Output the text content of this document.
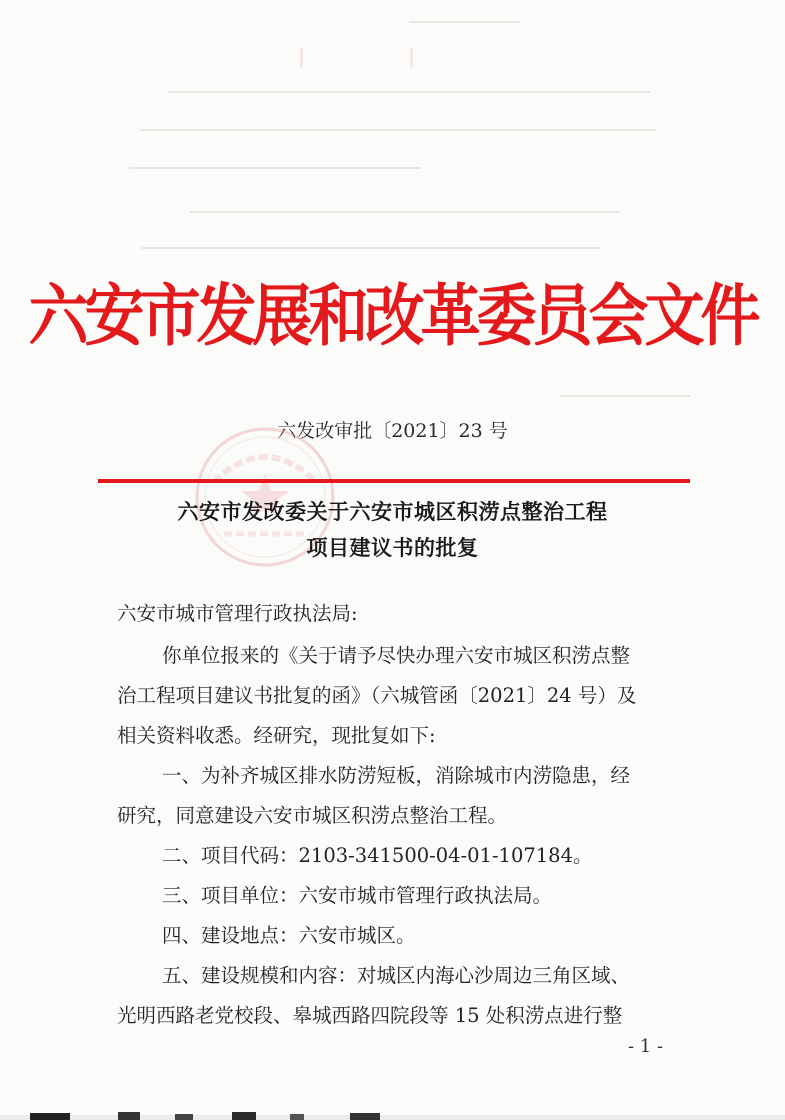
六安市发展和改革委员会文件
六发改审批〔2021〕23 号
六安市发改委关于六安市城区积涝点整治工程
项目建议书的批复
六安市城市管理行政执法局:
你单位报来的《关于请予尽快办理六安市城区积涝点整
治工程项目建议书批复的函》（六城管函〔2021〕24 号）及
相关资料收悉。经研究，现批复如下:
一、为补齐城区排水防涝短板，消除城市内涝隐患，经
研究，同意建设六安市城区积涝点整治工程。
二、项目代码：2103-341500-04-01-107184。
三、项目单位：六安市城市管理行政执法局。
四、建设地点：六安市城区。
五、建设规模和内容：对城区内海心沙周边三角区域、
光明西路老党校段、皋城西路四院段等 15 处积涝点进行整
- 1 -
